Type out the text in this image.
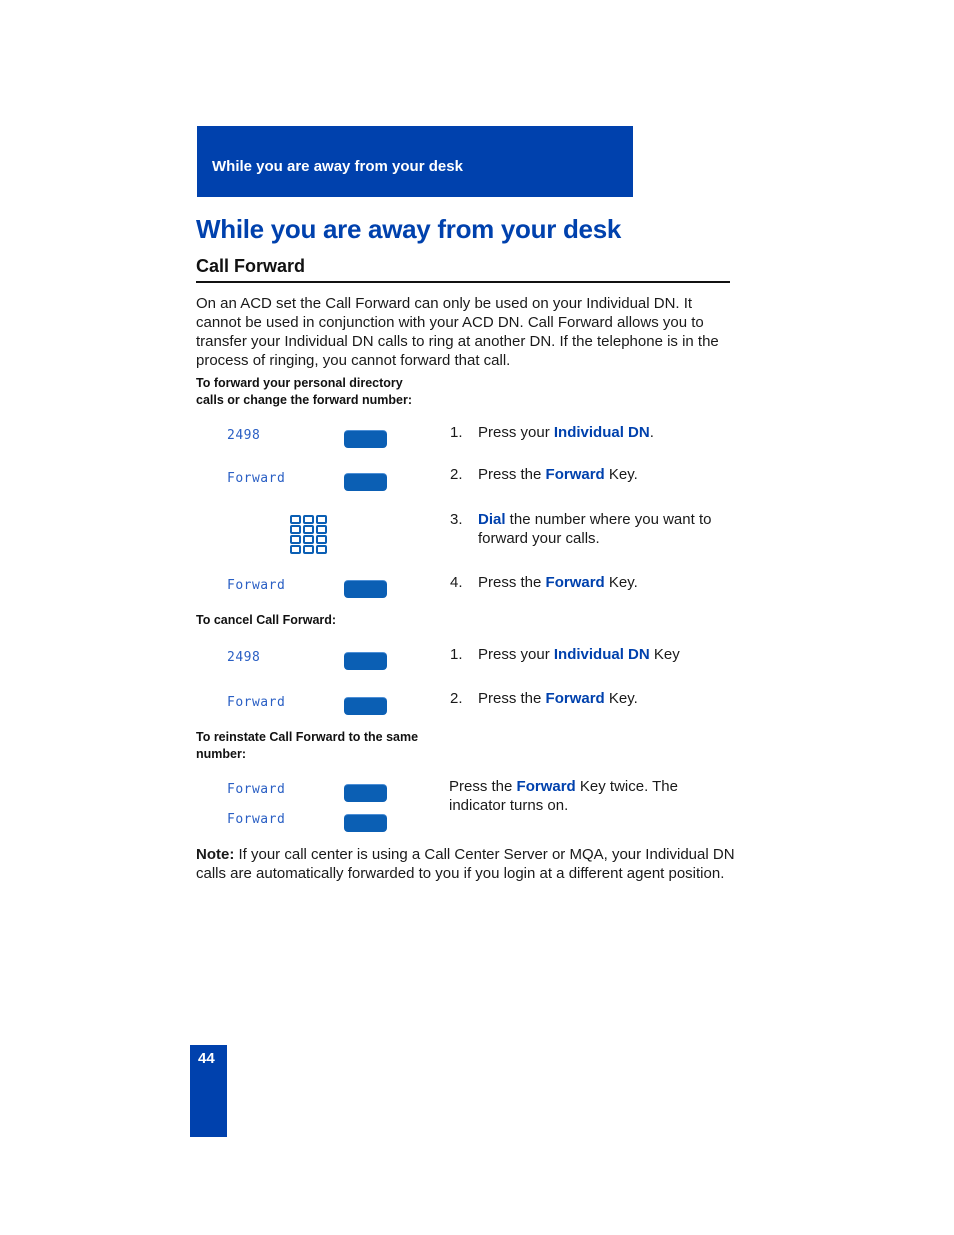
While you are away from your desk
While you are away from your desk
Call Forward
On an ACD set the Call Forward can only be used on your Individual DN. It cannot be used in conjunction with your ACD DN. Call Forward allows you to transfer your Individual DN calls to ring at another DN. If the telephone is in the process of ringing, you cannot forward that call.
To forward your personal directory
calls or change the forward number:
2498
Forward
Forward
1. Press your Individual DN.
2. Press the Forward Key.
3. Dial the number where you want to forward your calls.
4. Press the Forward Key.
To cancel Call Forward:
2498
Forward
1. Press your Individual DN Key
2. Press the Forward Key.
To reinstate Call Forward to the same
number:
Forward
Forward
Press the Forward Key twice. The indicator turns on.
Note: If your call center is using a Call Center Server or MQA, your Individual DN calls are automatically forwarded to you if you login at a different agent position.
44
